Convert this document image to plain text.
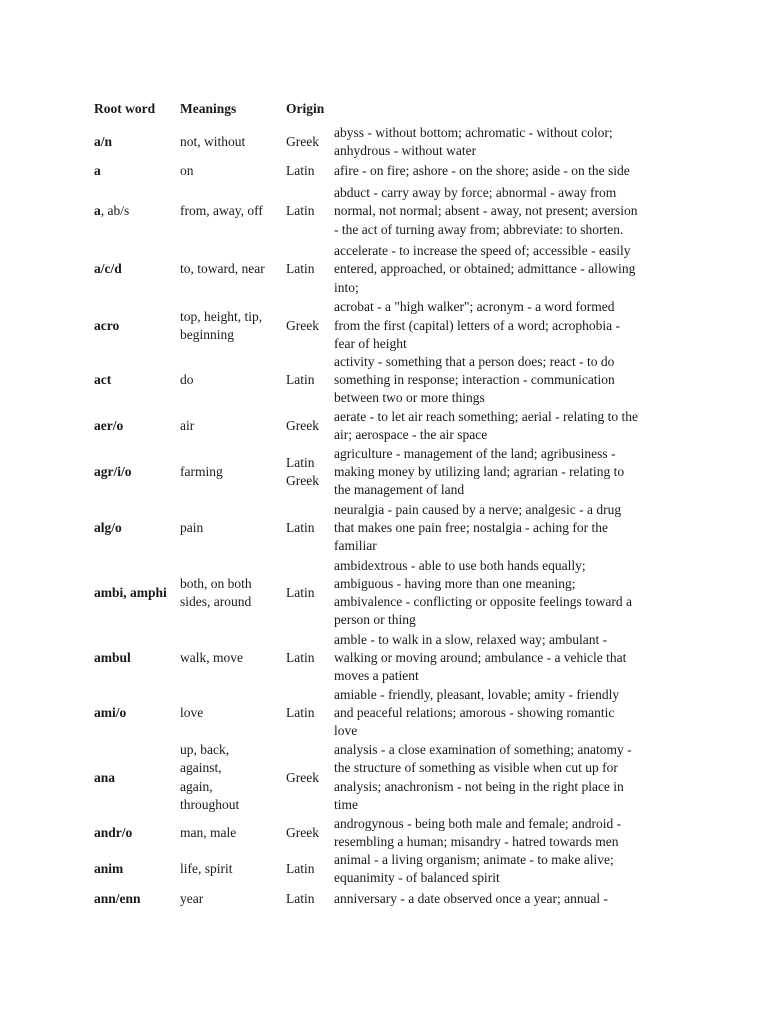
Root word	Meanings	Origin	
a/n	not, without	Greek	abyss - without bottom; achromatic - without color;
anhydrous - without water
a	on	Latin	afire - on fire; ashore - on the shore; aside - on the side
a, ab/s	from, away, off	Latin	abduct - carry away by force; abnormal - away from
normal, not normal; absent - away, not present; aversion
- the act of turning away from; abbreviate: to shorten.
a/c/d	to, toward, near	Latin	accelerate - to increase the speed of; accessible - easily
entered, approached, or obtained; admittance - allowing
into;
acro	top, height, tip,
beginning	Greek	acrobat - a "high walker"; acronym - a word formed
from the first (capital) letters of a word; acrophobia -
fear of height
act	do	Latin	activity - something that a person does; react - to do
something in response; interaction - communication
between two or more things
aer/o	air	Greek	aerate - to let air reach something; aerial - relating to the
air; aerospace - the air space
agr/i/o	farming	Latin
Greek	agriculture - management of the land; agribusiness -
making money by utilizing land; agrarian - relating to
the management of land
alg/o	pain	Latin	neuralgia - pain caused by a nerve; analgesic - a drug
that makes one pain free; nostalgia - aching for the
familiar
ambi, amphi	both, on both
sides, around	Latin	ambidextrous - able to use both hands equally;
ambiguous - having more than one meaning;
ambivalence - conflicting or opposite feelings toward a
person or thing
ambul	walk, move	Latin	amble - to walk in a slow, relaxed way; ambulant -
walking or moving around; ambulance - a vehicle that
moves a patient
ami/o	love	Latin	amiable - friendly, pleasant, lovable; amity - friendly
and peaceful relations; amorous - showing romantic
love
ana	up, back,
against,
again,
throughout	Greek	analysis - a close examination of something; anatomy -
the structure of something as visible when cut up for
analysis; anachronism - not being in the right place in
time
andr/o	man, male	Greek	androgynous - being both male and female; android -
resembling a human; misandry - hatred towards men
anim	life, spirit	Latin	animal - a living organism; animate - to make alive;
equanimity - of balanced spirit
ann/enn	year	Latin	anniversary - a date observed once a year; annual -
